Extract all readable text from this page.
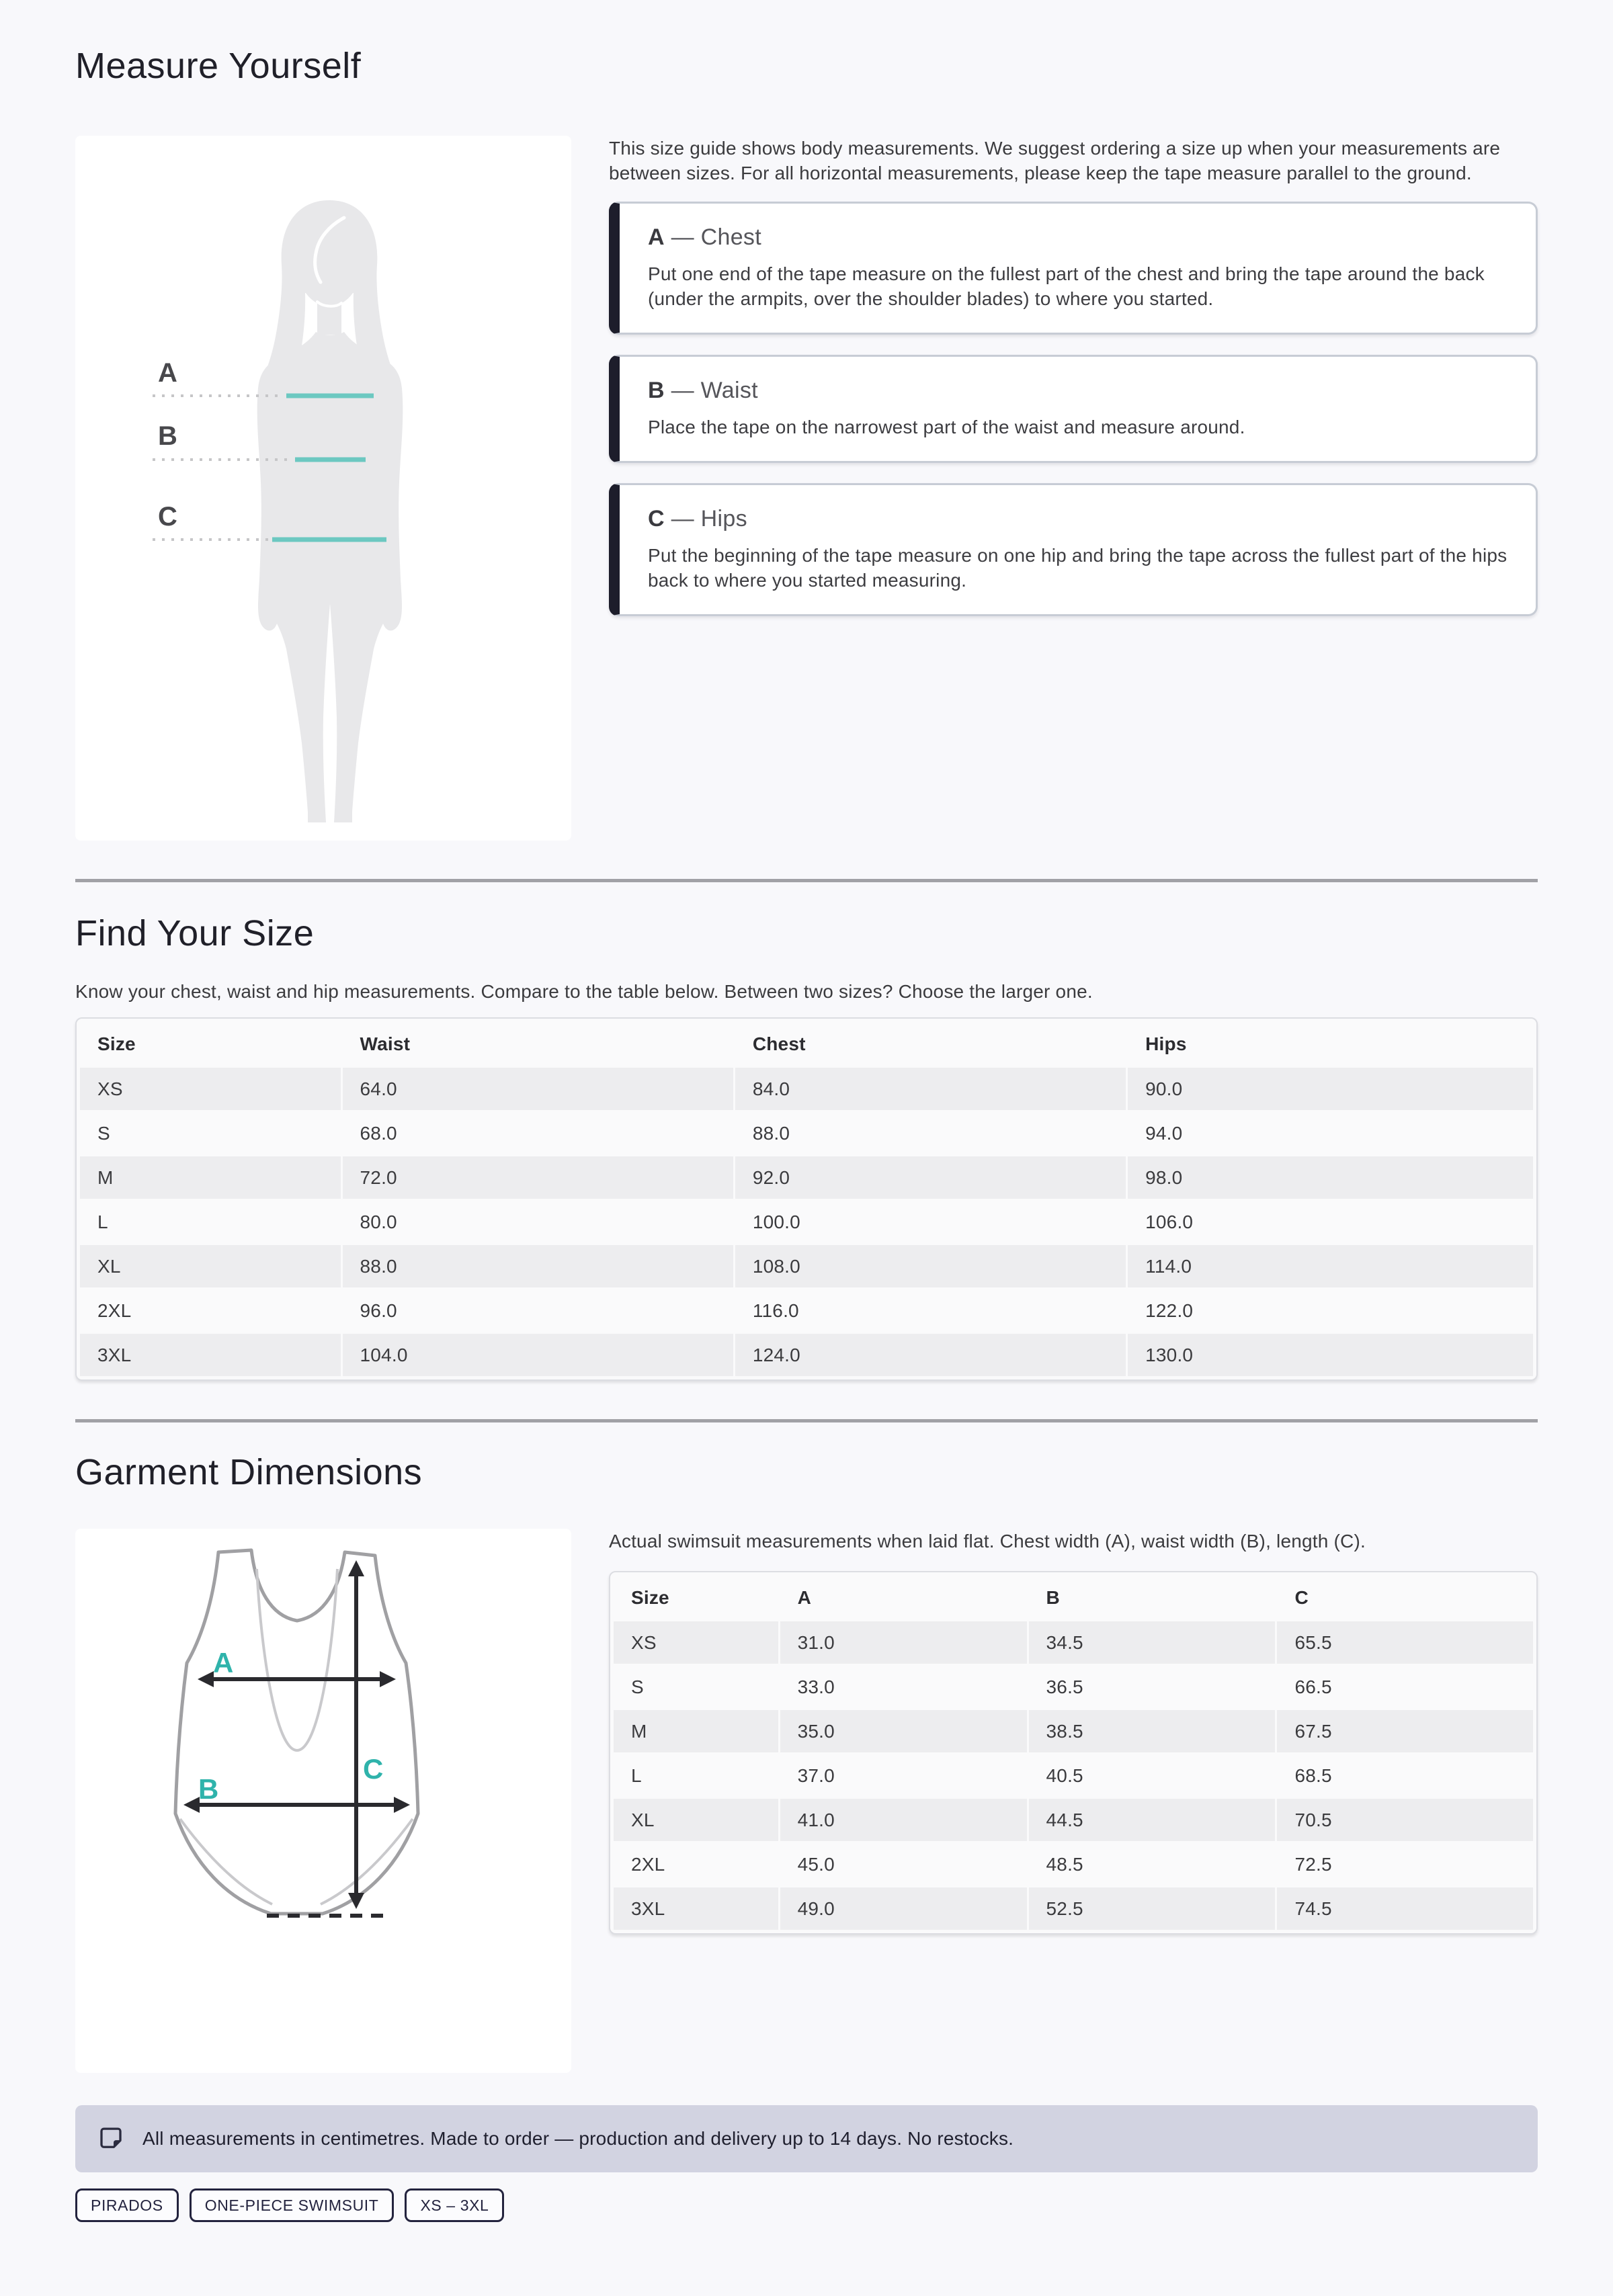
Measure Yourself
A
B
C

This size guide shows body measurements. We suggest ordering a size up when your measurements are between sizes. For all horizontal measurements, please keep the tape measure parallel to the ground.

A — Chest
Put one end of the tape measure on the fullest part of the chest and bring the tape around the back (under the armpits, over the shoulder blades) to where you started.
B — Waist
Place the tape on the narrowest part of the waist and measure around.
C — Hips
Put the beginning of the tape measure on one hip and bring the tape across the fullest part of the hips back to where you started measuring.
Find Your Size

Know your chest, waist and hip measurements. Compare to the table below. Between two sizes? Choose the larger one.

Size	Waist	Chest	Hips
XS	64.0	84.0	90.0
S	68.0	88.0	94.0
M	72.0	92.0	98.0
L	80.0	100.0	106.0
XL	88.0	108.0	114.0
2XL	96.0	116.0	122.0
3XL	104.0	124.0	130.0
Garment Dimensions
A
B
C

Actual swimsuit measurements when laid flat. Chest width (A), waist width (B), length (C).

Size	A	B	C
XS	31.0	34.5	65.5
S	33.0	36.5	66.5
M	35.0	38.5	67.5
L	37.0	40.5	68.5
XL	41.0	44.5	70.5
2XL	45.0	48.5	72.5
3XL	49.0	52.5	74.5
All measurements in centimetres. Made to order — production and delivery up to 14 days. No restocks.
PIRADOS	ONE-PIECE SWIMSUIT	XS – 3XL
